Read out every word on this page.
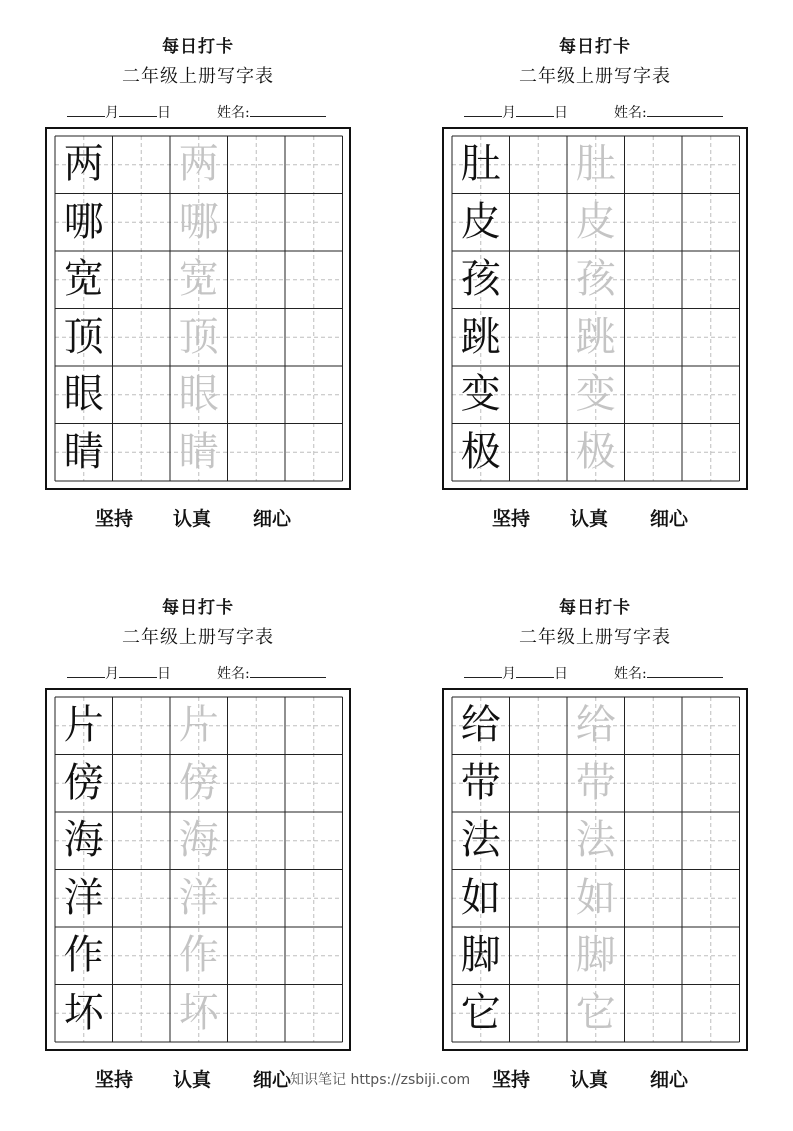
每日打卡
二年级上册写字表
月	日	姓名:
两 两
哪 哪
宽 宽
顶 顶
眼 眼
睛 睛
坚持 认真 细心
每日打卡
二年级上册写字表
月	日	姓名:
肚 肚
皮 皮
孩 孩
跳 跳
变 变
极 极
坚持 认真 细心
每日打卡
二年级上册写字表
月	日	姓名:
片 片
傍 傍
海 海
洋 洋
作 作
坏 坏
坚持 认真 细心
每日打卡
二年级上册写字表
月	日	姓名:
给 给
带 带
法 法
如 如
脚 脚
它 它
坚持 认真 细心
知识笔记 https://zsbiji.com
